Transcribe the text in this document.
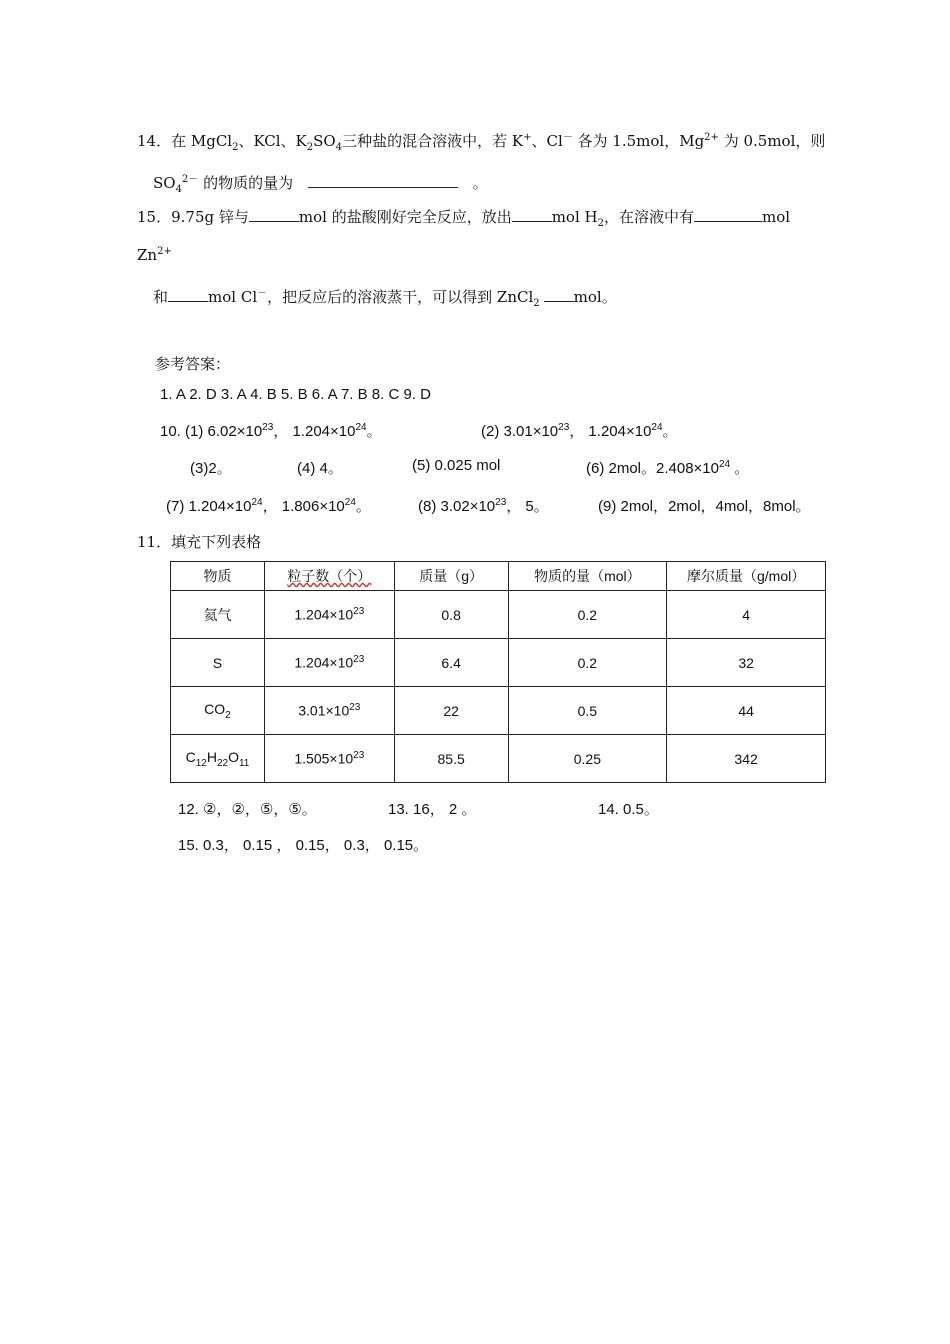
14．在 MgCl$_2$、KCl、$K_2SO_4$三种盐的混合溶液中，若 K+、Cl－ 各为 1.5mol，$Mg^{2+}$ 为 0.5mol，则
$SO_4^{2-}$ 的物质的量为	。
15．9.75g 锌与	mol 的盐酸刚好完全反应，放出	mol $H_2$，在溶液中有	mol
$Zn^{2+}$
和	mol Cl－，把反应后的溶液蒸干，可以得到 ZnCl$_2$ mol。
参考答案：
1. A 2. D 3. A 4. B 5. B 6. A 7. B 8. C 9. D
10. (1) $6.02\times 10^{23}$， $1.204\times 10^{24}$。	(2) $3.01\times 10^{23}$， $1.204\times 10^{24}$。
(3)2。	(4) 4。	(5) 0.025 mol	(6) 2mol。$2.408\times 10^{24}$ 。
(7) $1.204\times 10^{24}$， $1.806\times 10^{24}$。	(8) $3.02\times 10^{23}$， 5。	(9) 2mol，2mol，4mol，8mol。
11．填充下列表格
物质	粒子数（个）	质量（g）	物质的量（mol）	摩尔质量（g/mol）
氦气	$1.204\times 10^{23}$	0.8	0.2	4
S	$1.204\times 10^{23}$	6.4	0.2	32
$CO_2$	$3.01\times 10^{23}$	22	0.5	44
$C_{12}H_{22}O_{11}$	$1.505\times 10^{23}$	85.5	0.25	342
12. ②，②，⑤，⑤。	13. 16， 2 。	14. 0.5。
15. 0.3， 0.15 ， 0.15， 0.3， 0.15。
